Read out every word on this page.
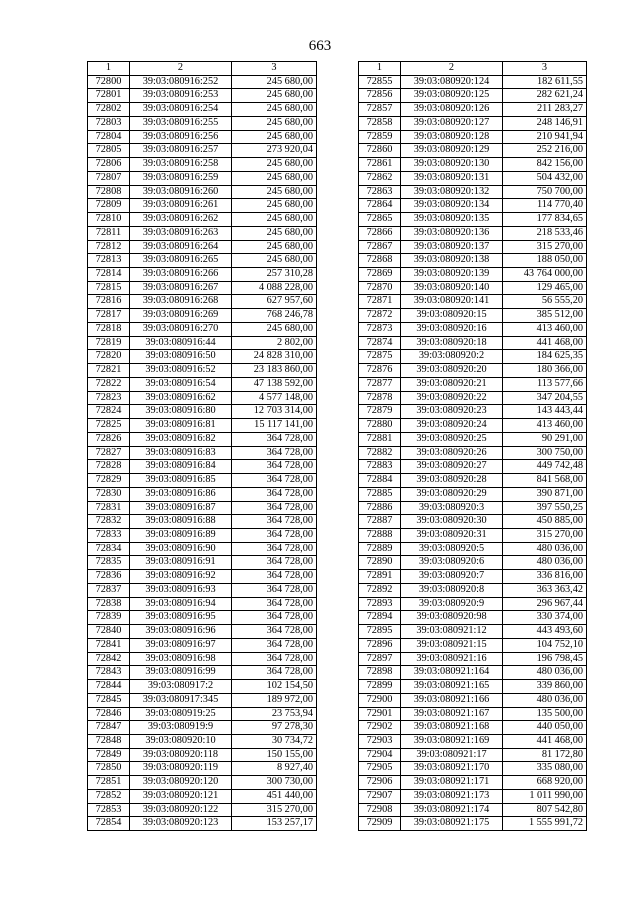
663
1	2	3
72800	39:03:080916:252	245 680,00
72801	39:03:080916:253	245 680,00
72802	39:03:080916:254	245 680,00
72803	39:03:080916:255	245 680,00
72804	39:03:080916:256	245 680,00
72805	39:03:080916:257	273 920,04
72806	39:03:080916:258	245 680,00
72807	39:03:080916:259	245 680,00
72808	39:03:080916:260	245 680,00
72809	39:03:080916:261	245 680,00
72810	39:03:080916:262	245 680,00
72811	39:03:080916:263	245 680,00
72812	39:03:080916:264	245 680,00
72813	39:03:080916:265	245 680,00
72814	39:03:080916:266	257 310,28
72815	39:03:080916:267	4 088 228,00
72816	39:03:080916:268	627 957,60
72817	39:03:080916:269	768 246,78
72818	39:03:080916:270	245 680,00
72819	39:03:080916:44	2 802,00
72820	39:03:080916:50	24 828 310,00
72821	39:03:080916:52	23 183 860,00
72822	39:03:080916:54	47 138 592,00
72823	39:03:080916:62	4 577 148,00
72824	39:03:080916:80	12 703 314,00
72825	39:03:080916:81	15 117 141,00
72826	39:03:080916:82	364 728,00
72827	39:03:080916:83	364 728,00
72828	39:03:080916:84	364 728,00
72829	39:03:080916:85	364 728,00
72830	39:03:080916:86	364 728,00
72831	39:03:080916:87	364 728,00
72832	39:03:080916:88	364 728,00
72833	39:03:080916:89	364 728,00
72834	39:03:080916:90	364 728,00
72835	39:03:080916:91	364 728,00
72836	39:03:080916:92	364 728,00
72837	39:03:080916:93	364 728,00
72838	39:03:080916:94	364 728,00
72839	39:03:080916:95	364 728,00
72840	39:03:080916:96	364 728,00
72841	39:03:080916:97	364 728,00
72842	39:03:080916:98	364 728,00
72843	39:03:080916:99	364 728,00
72844	39:03:080917:2	102 154,50
72845	39:03:080917:345	189 972,00
72846	39:03:080919:25	23 753,94
72847	39:03:080919:9	97 278,30
72848	39:03:080920:10	30 734,72
72849	39:03:080920:118	150 155,00
72850	39:03:080920:119	8 927,40
72851	39:03:080920:120	300 730,00
72852	39:03:080920:121	451 440,00
72853	39:03:080920:122	315 270,00
72854	39:03:080920:123	153 257,17
1	2	3
72855	39:03:080920:124	182 611,55
72856	39:03:080920:125	282 621,24
72857	39:03:080920:126	211 283,27
72858	39:03:080920:127	248 146,91
72859	39:03:080920:128	210 941,94
72860	39:03:080920:129	252 216,00
72861	39:03:080920:130	842 156,00
72862	39:03:080920:131	504 432,00
72863	39:03:080920:132	750 700,00
72864	39:03:080920:134	114 770,40
72865	39:03:080920:135	177 834,65
72866	39:03:080920:136	218 533,46
72867	39:03:080920:137	315 270,00
72868	39:03:080920:138	188 050,00
72869	39:03:080920:139	43 764 000,00
72870	39:03:080920:140	129 465,00
72871	39:03:080920:141	56 555,20
72872	39:03:080920:15	385 512,00
72873	39:03:080920:16	413 460,00
72874	39:03:080920:18	441 468,00
72875	39:03:080920:2	184 625,35
72876	39:03:080920:20	180 366,00
72877	39:03:080920:21	113 577,66
72878	39:03:080920:22	347 204,55
72879	39:03:080920:23	143 443,44
72880	39:03:080920:24	413 460,00
72881	39:03:080920:25	90 291,00
72882	39:03:080920:26	300 750,00
72883	39:03:080920:27	449 742,48
72884	39:03:080920:28	841 568,00
72885	39:03:080920:29	390 871,00
72886	39:03:080920:3	397 550,25
72887	39:03:080920:30	450 885,00
72888	39:03:080920:31	315 270,00
72889	39:03:080920:5	480 036,00
72890	39:03:080920:6	480 036,00
72891	39:03:080920:7	336 816,00
72892	39:03:080920:8	363 363,42
72893	39:03:080920:9	296 967,44
72894	39:03:080920:98	330 374,00
72895	39:03:080921:12	443 493,60
72896	39:03:080921:15	104 752,10
72897	39:03:080921:16	196 798,45
72898	39:03:080921:164	480 036,00
72899	39:03:080921:165	339 860,00
72900	39:03:080921:166	480 036,00
72901	39:03:080921:167	135 500,00
72902	39:03:080921:168	440 050,00
72903	39:03:080921:169	441 468,00
72904	39:03:080921:17	81 172,80
72905	39:03:080921:170	335 080,00
72906	39:03:080921:171	668 920,00
72907	39:03:080921:173	1 011 990,00
72908	39:03:080921:174	807 542,80
72909	39:03:080921:175	1 555 991,72
